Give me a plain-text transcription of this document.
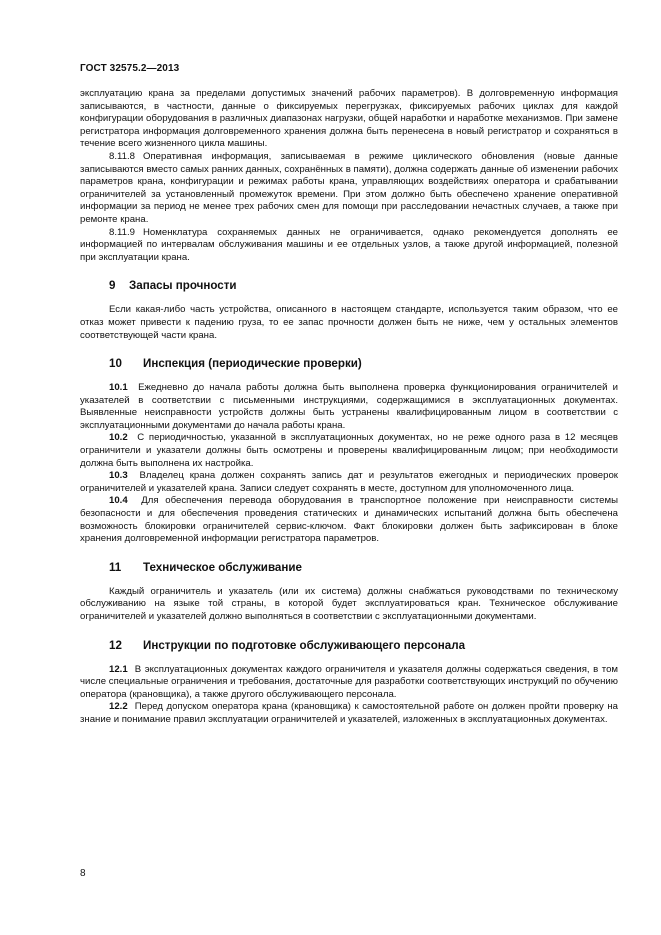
ГОСТ 32575.2—2013

эксплуатацию крана за пределами допустимых значений рабочих параметров). В долговременную информация записываются, в частности, данные о фиксируемых перегрузках, фиксируемых рабочих циклах для каждой конфигурации оборудования в различных диапазонах нагрузки, общей наработки и наработке механизмов. При замене регистратора информация долговременного хранения должна быть перенесена в новый регистратор и сохраняться в течение всего жизненного цикла машины.

8.11.8 Оперативная информация, записываемая в режиме циклического обновления (новые данные записываются вместо самых ранних данных, сохранённых в памяти), должна содержать данные об изменении рабочих параметров крана, конфигурации и режимах работы крана, управляющих воздействиях оператора и срабатывании ограничителей за установленный промежуток времени. При этом должно быть обеспечено хранение оперативной информации за период не менее трех рабочих смен для помощи при расследовании нечастных случаев, а также при ремонте крана.

8.11.9 Номенклатура сохраняемых данных не ограничивается, однако рекомендуется дополнять ее информацией по интервалам обслуживания машины и ее отдельных узлов, а также другой информацией, полезной при эксплуатации крана.

9 Запасы прочности

Если какая-либо часть устройства, описанного в настоящем стандарте, используется таким образом, что ее отказ может привести к падению груза, то ее запас прочности должен быть не ниже, чем у остальных элементов соответствующей части крана.

10 Инспекция (периодические проверки)

10.1 Ежедневно до начала работы должна быть выполнена проверка функционирования ограничителей и указателей в соответствии с письменными инструкциями, содержащимися в эксплуатационных документах. Выявленные неисправности устройств должны быть устранены квалифицированным лицом в соответствии с эксплуатационными документами до начала работы крана.

10.2 С периодичностью, указанной в эксплуатационных документах, но не реже одного раза в 12 месяцев ограничители и указатели должны быть осмотрены и проверены квалифицированным лицом; при необходимости должна быть выполнена их настройка.

10.3 Владелец крана должен сохранять запись дат и результатов ежегодных и периодических проверок ограничителей и указателей крана. Записи следует сохранять в месте, доступном для уполномоченного лица.

10.4 Для обеспечения перевода оборудования в транспортное положение при неисправности системы безопасности и для обеспечения проведения статических и динамических испытаний должна быть обеспечена возможность блокировки ограничителей сервис-ключом. Факт блокировки должен быть зафиксирован в блоке хранения долговременной информации регистратора параметров.

11 Техническое обслуживание

Каждый ограничитель и указатель (или их система) должны снабжаться руководствами по техническому обслуживанию на языке той страны, в которой будет эксплуатироваться кран. Техническое обслуживание ограничителей и указателей должно выполняться в соответствии с эксплуатационными документами.

12 Инструкции по подготовке обслуживающего персонала

12.1 В эксплуатационных документах каждого ограничителя и указателя должны содержаться сведения, в том числе специальные ограничения и требования, достаточные для разработки соответствующих инструкций по обучению оператора (крановщика), а также другого обслуживающего персонала.

12.2 Перед допуском оператора крана (крановщика) к самостоятельной работе он должен пройти проверку на знание и понимание правил эксплуатации ограничителей и указателей, изложенных в эксплуатационных документах.

8
